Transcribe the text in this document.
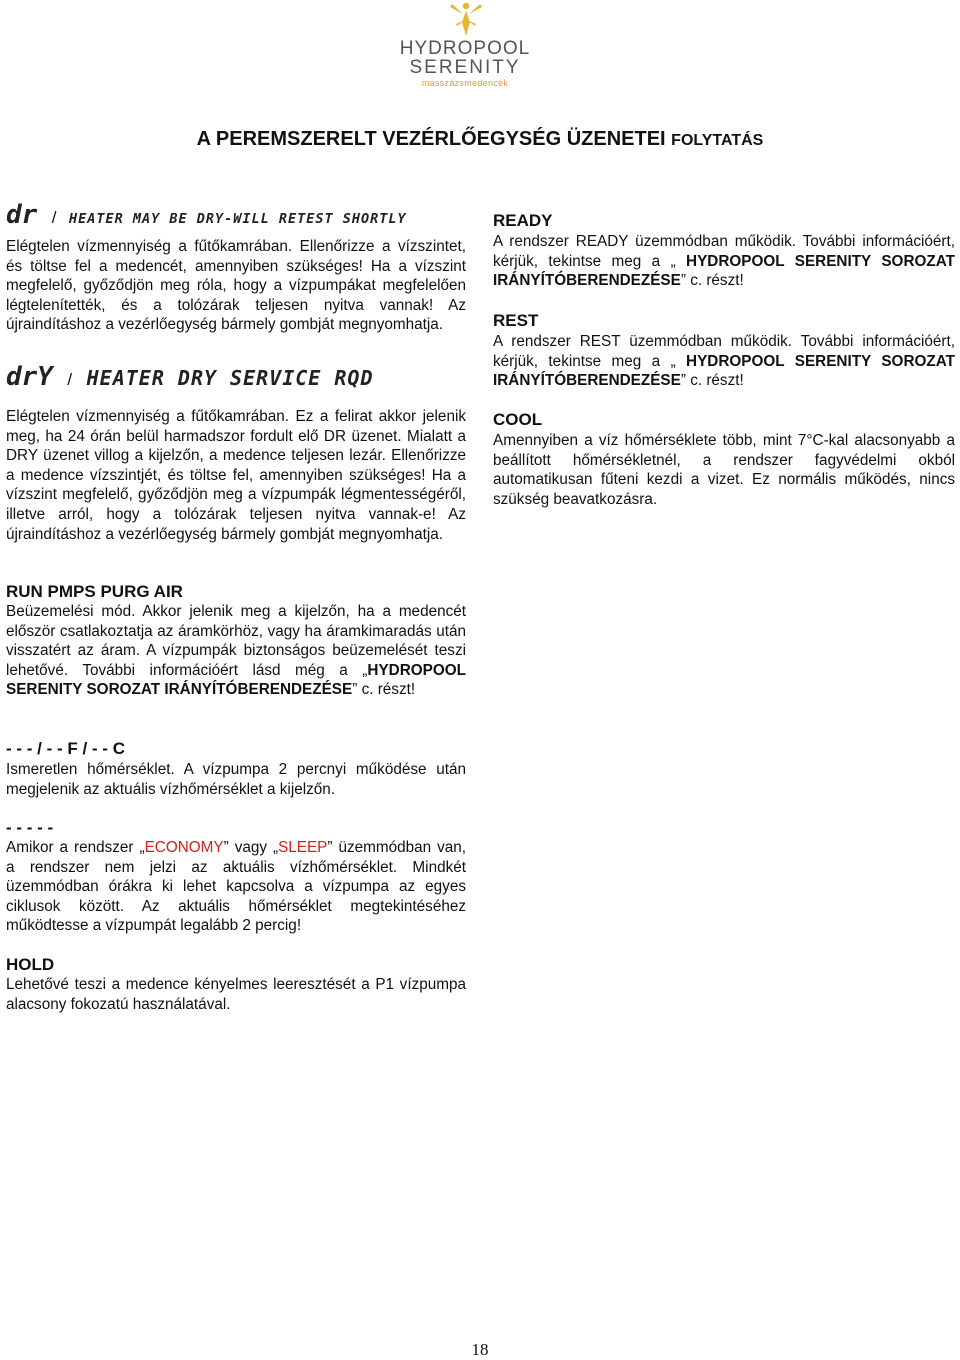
HYDROPOOL
SERENITY
masszázsmedencék
A PEREMSZERELT VEZÉRLŐEGYSÉG ÜZENETEI FOLYTATÁS
dr / HEATER MAY BE DRY-WILL RETEST SHORTLY

Elégtelen vízmennyiség a fűtőkamrában. Ellenőrizze a vízszintet, és töltse fel a medencét, amennyiben szükséges! Ha a vízszint megfelelő, győződjön meg róla, hogy a vízpumpákat megfelelően légtelenítették, és a tolózárak teljesen nyitva vannak! Az újraindításhoz a vezérlőegység bármely gombját megnyomhatja.

drY / HEATER DRY SERVICE RQD

Elégtelen vízmennyiség a fűtőkamrában. Ez a felirat akkor jelenik meg, ha 24 órán belül harmadszor fordult elő DR üzenet. Mialatt a DRY üzenet villog a kijelzőn, a medence teljesen lezár. Ellenőrizze a medence vízszintjét, és töltse fel, amennyiben szükséges! Ha a vízszint megfelelő, győződjön meg a vízpumpák légmentességéről, illetve arról, hogy a tolózárak teljesen nyitva vannak-e! Az újraindításhoz a vezérlőegység bármely gombját megnyomhatja.

RUN PMPS PURG AIR

Beüzemelési mód. Akkor jelenik meg a kijelzőn, ha a medencét először csatlakoztatja az áramkörhöz, vagy ha áramkimaradás után visszatért az áram. A vízpumpák biztonságos beüzemelését teszi lehetővé. További információért lásd még a „HYDROPOOL SERENITY SOROZAT IRÁNYÍTÓBERENDEZÉSE” c. részt!

- - - / - - F / - - C

Ismeretlen hőmérséklet. A vízpumpa 2 percnyi működése után megjelenik az aktuális vízhőmérséklet a kijelzőn.

- - - - -

Amikor a rendszer „ECONOMY” vagy „SLEEP” üzemmódban van, a rendszer nem jelzi az aktuális vízhőmérséklet. Mindkét üzemmódban órákra ki lehet kapcsolva a vízpumpa az egyes ciklusok között. Az aktuális hőmérséklet megtekintéséhez működtesse a vízpumpát legalább 2 percig!

HOLD

Lehetővé teszi a medence kényelmes leeresztését a P1 vízpumpa alacsony fokozatú használatával.

READY

A rendszer READY üzemmódban működik. További információért, kérjük, tekintse meg a „ HYDROPOOL SERENITY SOROZAT IRÁNYÍTÓBERENDEZÉSE” c. részt!

REST

A rendszer REST üzemmódban működik. További információért, kérjük, tekintse meg a „ HYDROPOOL SERENITY SOROZAT IRÁNYÍTÓBERENDEZÉSE” c. részt!

COOL

Amennyiben a víz hőmérséklete több, mint 7°C-kal alacsonyabb a beállított hőmérsékletnél, a rendszer fagyvédelmi okból automatikusan fűteni kezdi a vizet. Ez normális működés, nincs szükség beavatkozásra.

18
